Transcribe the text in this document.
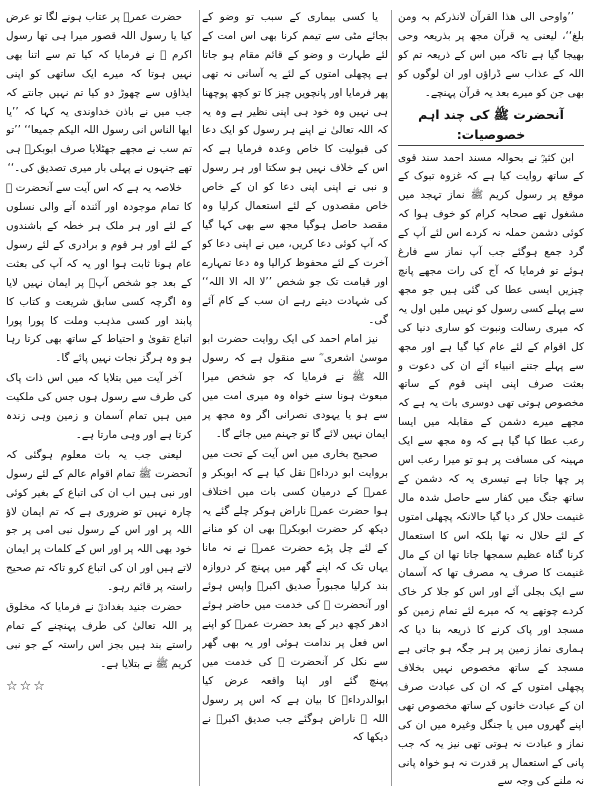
’’واوحی الی ھذا القرآن لانذرکم بہ ومن بلغ‘‘، لیعنی یہ قرآن مجھ پر بذریعہ وحی بھیجا گیا ہے تاکہ میں اس کے ذریعہ تم کو اللہ کے عذاب سے ڈراؤں اور ان لوگوں کو بھی جن کو میرے بعد یہ قرآن پہنچے۔

آنحضرت ﷺ کی چند اہم خصوصیات:

ابن کثیرؒ نے بحوالہ مسند احمد سند قوی کے ساتھ روایت کیا ہے کہ غزوہ تبوک کے موقع پر رسول کریم ﷺ نماز تہجد میں مشغول تھے صحابہ کرام کو خوف ہوا کہ کوئی دشمن حملہ نہ کردے اس لئے آپ کے گرد جمع ہوگئے جب آپ نماز سے فارغ ہوئے تو فرمایا کہ آج کی رات مجھے پانچ چیزیں ایسی عطا کی گئی ہیں جو مجھ سے پہلے کسی رسول کو نہیں ملیں اول یہ کہ میری رسالت ونبوت کو ساری دنیا کی کل اقوام کے لئے عام کیا گیا ہے اور مجھ سے پہلے جتنے انبیاء آئے ان کی دعوت و بعثت صرف اپنی اپنی قوم کے ساتھ مخصوص ہوتی تھی دوسری بات یہ ہے کہ مجھے میرے دشمن کے مقابلہ میں ایسا رعب عطا کیا گیا ہے کہ وہ مجھ سے ایک مہینہ کی مسافت پر ہو تو میرا رعب اس پر چھا جاتا ہے تیسری یہ کہ دشمن کے ساتھ جنگ میں کفار سے حاصل شدہ مال غنیمت حلال کر دیا گیا حالانکہ پچھلی امتوں کے لئے حلال نہ تھا بلکہ اس کا استعمال کرنا گناہ عظیم سمجھا جاتا تھا ان کے مال غنیمت کا صرف یہ مصرف تھا کہ آسمان سے ایک بجلی آئے اور اس کو جلا کر خاک کردے چوتھے یہ کہ میرے لئے تمام زمین کو مسجد اور پاک کرنے کا ذریعہ بنا دیا کہ ہماری نماز زمین پر ہر جگہ ہو جاتی ہے مسجد کے ساتھ مخصوص نہیں بخلاف پچھلی امتوں کے کہ ان کی عبادت صرف ان کے عبادت خانوں کے ساتھ مخصوص تھی اپنے گھروں میں یا جنگل وغیرہ میں ان کی نماز و عبادت نہ ہوتی تھی نیز یہ کہ جب پانی کے استعمال پر قدرت نہ ہو خواہ پانی نہ ملنے کی وجہ سے

یا کسی بیماری کے سبب تو وضو کے بجائے مٹی سے تیمم کرنا بھی اس امت کے لئے طہارت و وضو کے قائم مقام ہو جاتا ہے پچھلی امتوں کے لئے یہ آسانی نہ تھی پھر فرمایا اور پانچویں چیز کا تو کچھ پوچھنا ہی نہیں وہ خود ہی اپنی نظیر ہے وہ یہ کہ اللہ تعالیٰ نے اپنے ہر رسول کو ایک دعا کی قبولیت کا خاص وعدہ فرمایا ہے کہ اس کے خلاف نہیں ہو سکتا اور ہر رسول و نبی نے اپنی اپنی دعا کو ان کے خاص خاص مقصدوں کے لئے استعمال کرلیا وہ مقصد حاصل ہوگیا مجھ سے بھی کہا گیا کہ آپ کوئی دعا کریں، میں نے اپنی دعا کو آخرت کے لئے محفوظ کرالیا وہ دعا تمہارے اور قیامت تک جو شخص ’’لا الہ الا اللہ‘‘ کی شہادت دیتے رہے ان سب کے کام آئے گی۔

نیز امام احمد کی ایک روایت حضرت ابو موسیٰ اشعری ؓ سے منقول ہے کہ رسول اللہ ﷺ نے فرمایا کہ جو شخص میرا مبعوث ہونا سنے خواہ وہ میری امت میں سے ہو یا یہودی نصرانی اگر وہ مجھ پر ایمان نہیں لائے گا تو جہنم میں جائے گا۔

صحیح بخاری میں اس آیت کے تحت میں بروایت ابو درداءؓ نقل کیا ہے کہ ابوبکر و عمرؓ کے درمیان کسی بات میں اختلاف ہوا حضرت عمرؓ ناراض ہوکر چلے گئے یہ دیکھ کر حضرت ابوبکرؓ بھی ان کو منانے کے لئے چل پڑے حضرت عمرؓ نے نہ مانا یہاں تک کہ اپنے گھر میں پہنچ کر دروازہ بند کرلیا مجبوراً صدیق اکبرؓ واپس ہوئے اور آنحضرت ﷺ کی خدمت میں حاضر ہوئے ادھر کچھ دیر کے بعد حضرت عمرؓ کو اپنے اس فعل پر ندامت ہوئی اور یہ بھی گھر سے نکل کر آنحضرت ﷺ کی خدمت میں پہنچ گئے اور اپنا واقعہ عرض کیا ابوالدرداءؓ کا بیان ہے کہ اس پر رسول اللہ ﷺ ناراض ہوگئے جب صدیق اکبرؓ نے دیکھا کہ

حضرت عمرؓ پر عتاب ہونے لگا تو عرض کیا یا رسول اللہ قصور میرا ہی تھا رسول اکرم ﷺ نے فرمایا کہ کیا تم سے اتنا بھی نہیں ہوتا کہ میرے ایک ساتھی کو اپنی ایذاؤں سے چھوڑ دو کیا تم نہیں جانتے کہ جب میں نے باذن خداوندی یہ کہا کہ ’’یا ایھا الناس انی رسول اللہ الیکم جمیعا‘‘ ’’تو تم سب نے مجھے جھٹلایا صرف ابوبکرؓ ہی تھے جنہوں نے پہلی بار میری تصدیق کی۔‘‘

خلاصہ یہ ہے کہ اس آیت سے آنحضرت ﷺ کا تمام موجودہ اور آئندہ آنے والی نسلوں کے لئے اور ہر ملک ہر خطہ کے باشندوں کے لئے اور ہر قوم و برادری کے لئے رسول عام ہونا ثابت ہوا اور یہ کہ آپ کی بعثت کے بعد جو شخص آپؐ پر ایمان نہیں لایا وہ اگرچہ کسی سابق شریعت و کتاب کا پابند اور کسی مذہب وملت کا پورا پورا اتباع تقویٰ و احتیاط کے ساتھ بھی کرتا رہا ہو وہ ہرگز نجات نہیں پائے گا۔

آخر آیت میں بتلایا کہ میں اس ذات پاک کی طرف سے رسول ہوں جس کی ملکیت میں ہیں تمام آسمان و زمین وہی زندہ کرتا ہے اور وہی مارتا ہے۔

لیعنی جب یہ بات معلوم ہوگئی کہ آنحضرت ﷺ تمام اقوام عالم کے لئے رسول اور نبی ہیں اب ان کی اتباع کے بغیر کوئی چارہ نہیں تو ضروری ہے کہ تم ایمان لاؤ اللہ پر اور اس کے رسول نبی امی پر جو خود بھی اللہ پر اور اس کے کلمات پر ایمان لاتے ہیں اور ان کی اتباع کرو تاکہ تم صحیح راستہ پر قائم رہو۔

حضرت جنید بغدادیؒ نے فرمایا کہ مخلوق پر اللہ تعالیٰ کی طرف پہنچنے کے تمام راستے بند ہیں بجز اس راستہ کے جو نبی کریم ﷺ نے بتلایا ہے۔

☆☆☆
